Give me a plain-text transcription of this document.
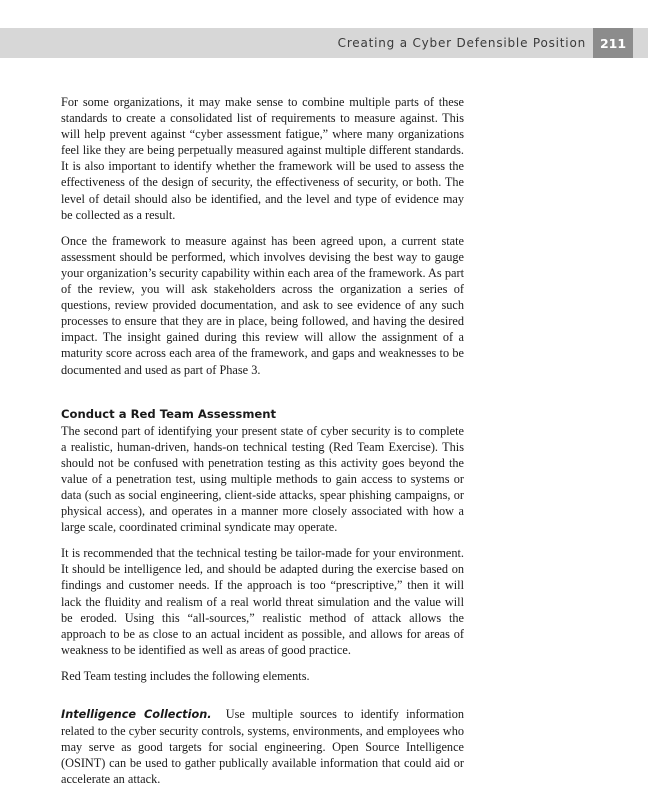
Creating a Cyber Defensible Position	211

For some organizations, it may make sense to combine multiple parts of these standards to create a consolidated list of requirements to measure against. This will help prevent against “cyber assessment fatigue,” where many organizations feel like they are being perpetually measured against multiple different standards. It is also important to identify whether the framework will be used to assess the effectiveness of the design of security, the effectiveness of security, or both. The level of detail should also be identified, and the level and type of evidence may be collected as a result.

Once the framework to measure against has been agreed upon, a current state assessment should be performed, which involves devising the best way to gauge your organization’s security capability within each area of the framework. As part of the review, you will ask stakeholders across the organization a series of questions, review provided documentation, and ask to see evidence of any such processes to ensure that they are in place, being followed, and having the desired impact. The insight gained during this review will allow the assignment of a maturity score across each area of the framework, and gaps and weaknesses to be documented and used as part of Phase 3.

Conduct a Red Team Assessment

The second part of identifying your present state of cyber security is to complete a realistic, human-driven, hands-on technical testing (Red Team Exercise). This should not be confused with penetration testing as this activity goes beyond the value of a penetration test, using multiple methods to gain access to systems or data (such as social engineering, client-side attacks, spear phishing campaigns, or physical access), and operates in a manner more closely associated with how a large scale, coordinated criminal syndicate may operate.

It is recommended that the technical testing be tailor-made for your environment. It should be intelligence led, and should be adapted during the exercise based on findings and customer needs. If the approach is too “prescriptive,” then it will lack the fluidity and realism of a real world threat simulation and the value will be eroded. Using this “all-sources,” realistic method of attack allows the approach to be as close to an actual incident as possible, and allows for areas of weakness to be identified as well as areas of good practice.

Red Team testing includes the following elements.

Intelligence Collection. Use multiple sources to identify information related to the cyber security controls, systems, environments, and employees who may serve as good targets for social engineering. Open Source Intelligence (OSINT) can be used to gather publically available information that could aid or accelerate an attack.
